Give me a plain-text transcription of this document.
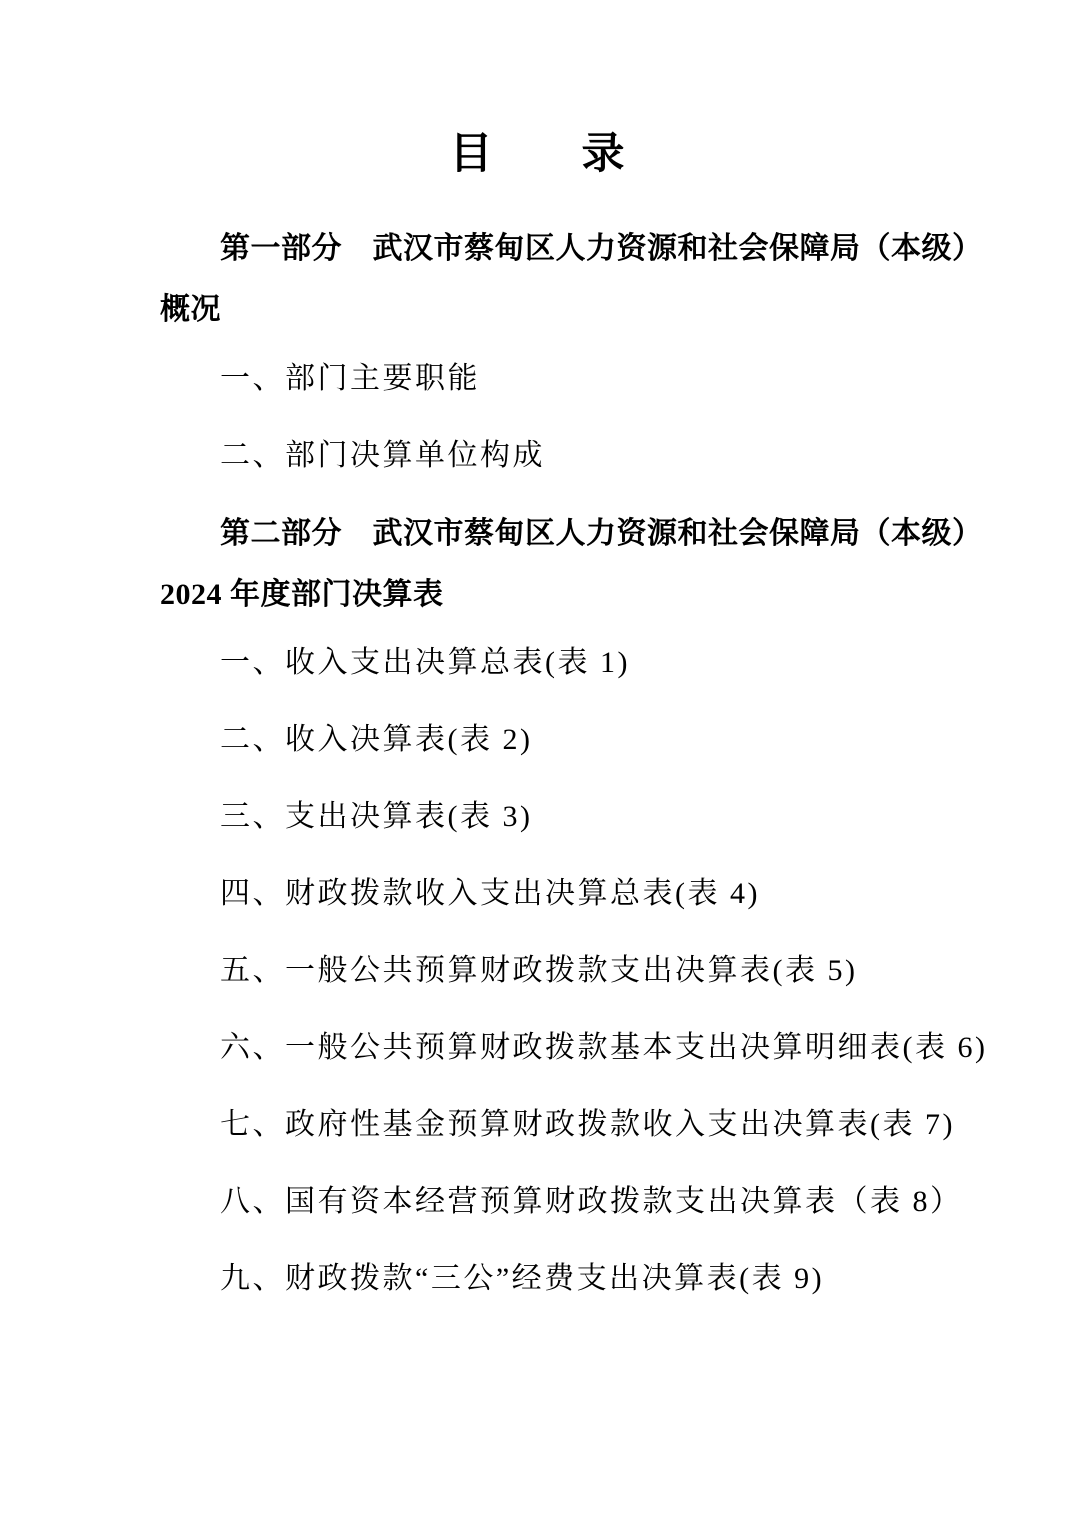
目　　录
第一部分　武汉市蔡甸区人力资源和社会保障局（本级）
概况
一、部门主要职能
二、部门决算单位构成
第二部分　武汉市蔡甸区人力资源和社会保障局（本级）
2024 年度部门决算表
一、收入支出决算总表(表 1)
二、收入决算表(表 2)
三、支出决算表(表 3)
四、财政拨款收入支出决算总表(表 4)
五、一般公共预算财政拨款支出决算表(表 5)
六、一般公共预算财政拨款基本支出决算明细表(表 6)
七、政府性基金预算财政拨款收入支出决算表(表 7)
八、国有资本经营预算财政拨款支出决算表（表 8）
九、财政拨款“三公”经费支出决算表(表 9)
